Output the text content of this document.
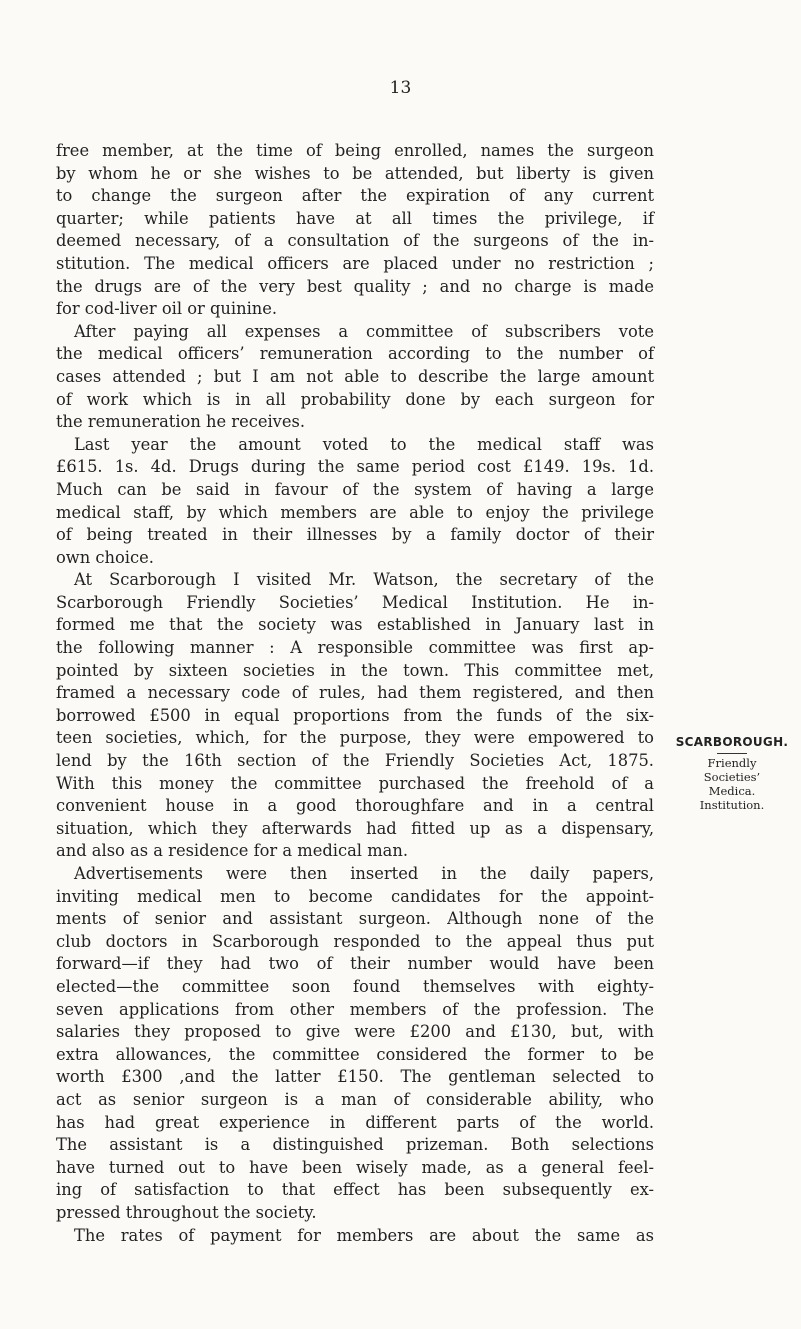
13
free member, at the time of being enrolled, names the surgeon
by whom he or she wishes to be attended, but liberty is given
to change the surgeon after the expiration of any current
quarter; while patients have at all times the privilege, if
deemed necessary, of a consultation of the surgeons of the in-
stitution. The medical officers are placed under no restriction ;
the drugs are of the very best quality ; and no charge is made
for cod-liver oil or quinine.
After paying all expenses a committee of subscribers vote
the medical officers’ remuneration according to the number of
cases attended ; but I am not able to describe the large amount
of work which is in all probability done by each surgeon for
the remuneration he receives.
Last year the amount voted to the medical staff was
£615. 1s. 4d. Drugs during the same period cost £149. 19s. 1d.
Much can be said in favour of the system of having a large
medical staff, by which members are able to enjoy the privilege
of being treated in their illnesses by a family doctor of their
own choice.
At Scarborough I visited Mr. Watson, the secretary of the
Scarborough Friendly Societies’ Medical Institution. He in-
formed me that the society was established in January last in
the following manner : A responsible committee was first ap-
pointed by sixteen societies in the town. This committee met,
framed a necessary code of rules, had them registered, and then
borrowed £500 in equal proportions from the funds of the six-
teen societies, which, for the purpose, they were empowered to
lend by the 16th section of the Friendly Societies Act, 1875.
With this money the committee purchased the freehold of a
convenient house in a good thoroughfare and in a central
situation, which they afterwards had fitted up as a dispensary,
and also as a residence for a medical man.
Advertisements were then inserted in the daily papers,
inviting medical men to become candidates for the appoint-
ments of senior and assistant surgeon. Although none of the
club doctors in Scarborough responded to the appeal thus put
forward—if they had two of their number would have been
elected—the committee soon found themselves with eighty-
seven applications from other members of the profession. The
salaries they proposed to give were £200 and £130, but, with
extra allowances, the committee considered the former to be
worth £300 ,and the latter £150. The gentleman selected to
act as senior surgeon is a man of considerable ability, who
has had great experience in different parts of the world.
The assistant is a distinguished prizeman. Both selections
have turned out to have been wisely made, as a general feel-
ing of satisfaction to that effect has been subsequently ex-
pressed throughout the society.
The rates of payment for members are about the same as
SCARBOROUGH.
Friendly
Societies’
Medica.
Institution.
